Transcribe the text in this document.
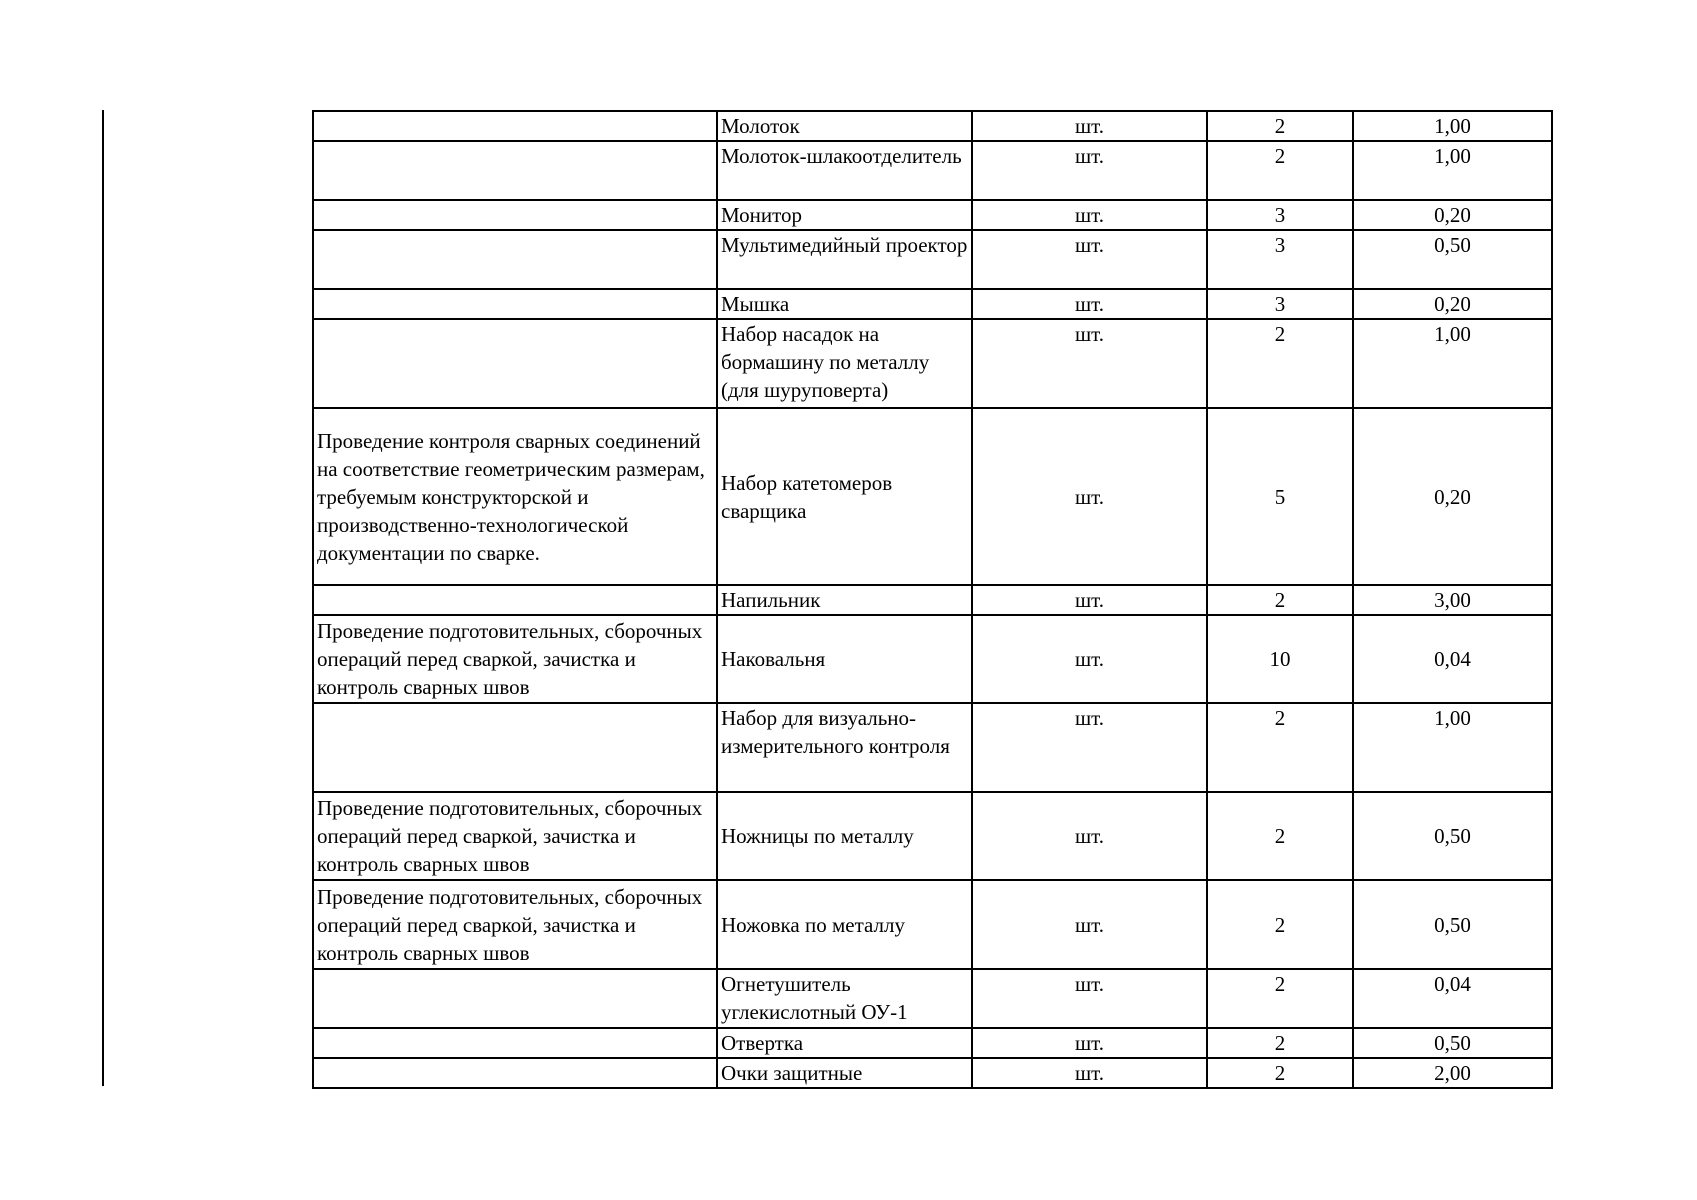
	Молоток	шт.	2	1,00
	Молоток-шлакоотделитель	шт.	2	1,00
	Монитор	шт.	3	0,20
	Мультимедийный проектор	шт.	3	0,50
	Мышка	шт.	3	0,20
	Набор насадок на бормашину по металлу (для шуруповерта)	шт.	2	1,00
Проведение контроля сварных соединений на соответствие геометрическим размерам, требуемым конструкторской и производственно-технологической документации по сварке.	Набор катетомеров сварщика	шт.	5	0,20
	Напильник	шт.	2	3,00
Проведение подготовительных, сборочных операций перед сваркой, зачистка и контроль сварных швов	Наковальня	шт.	10	0,04
	Набор для визуально-измерительного контроля	шт.	2	1,00
Проведение подготовительных, сборочных операций перед сваркой, зачистка и контроль сварных швов	Ножницы по металлу	шт.	2	0,50
Проведение подготовительных, сборочных операций перед сваркой, зачистка и контроль сварных швов	Ножовка по металлу	шт.	2	0,50
	Огнетушитель углекислотный ОУ-1	шт.	2	0,04
	Отвертка	шт.	2	0,50
	Очки защитные	шт.	2	2,00
